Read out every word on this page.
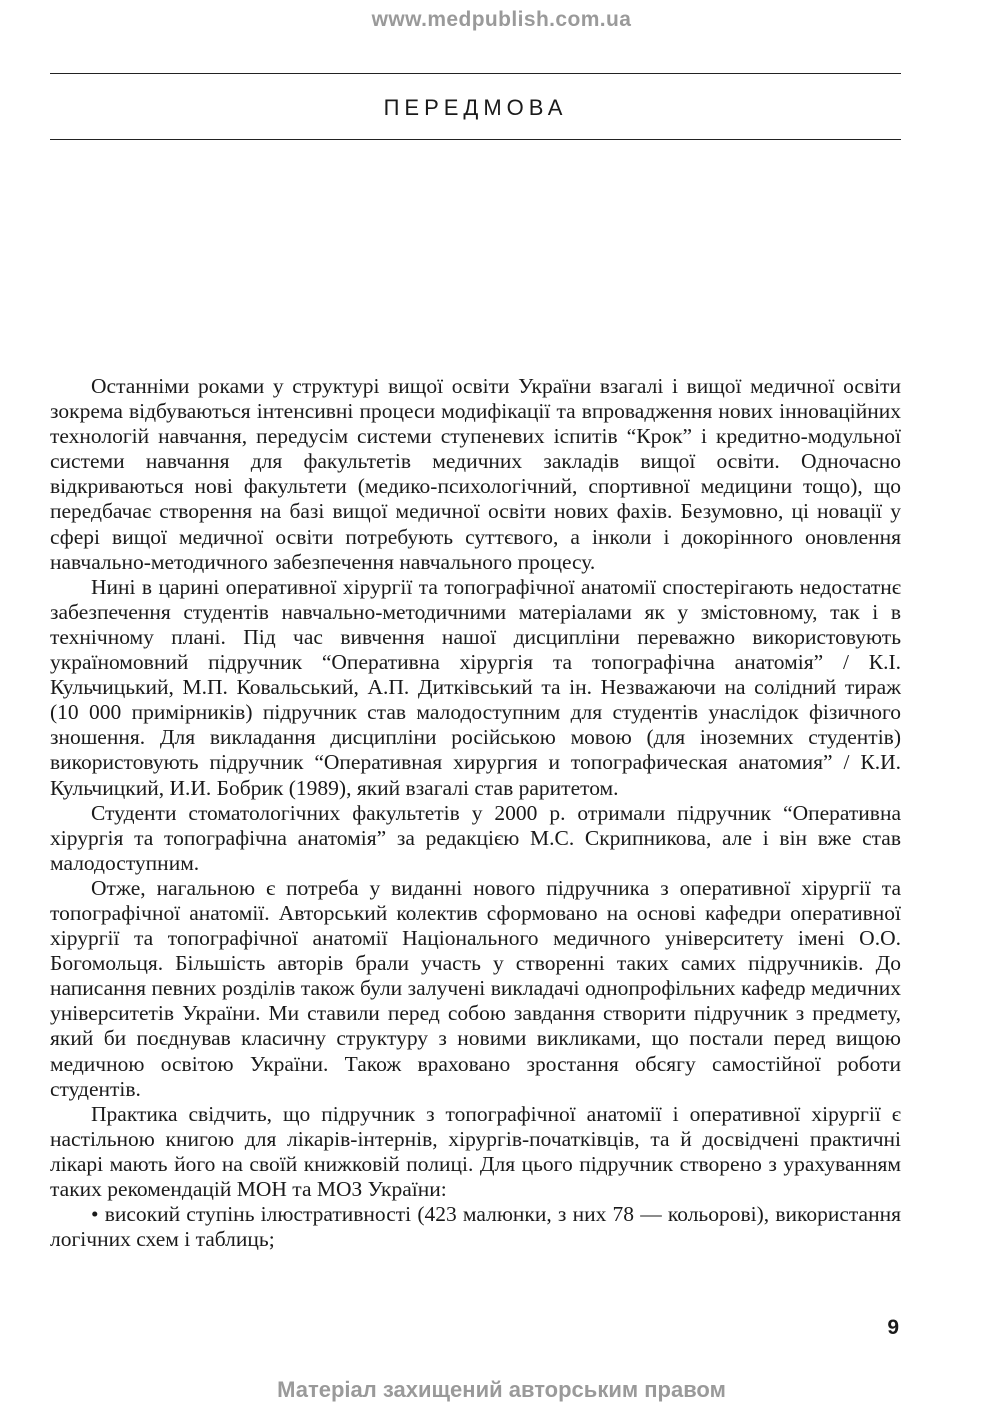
www.medpublish.com.ua
ПЕРЕДМОВА

Останніми роками у структурі вищої освіти України взагалі і вищої медичної освіти зокрема відбуваються інтенсивні процеси модифікації та впровадження нових інноваційних технологій навчання, передусім системи ступеневих іспитів “Крок” і кредитно-модульної системи навчання для факультетів медичних закладів вищої освіти. Одночасно відкриваються нові факультети (медико-психологічний, спортивної медицини тощо), що передбачає створення на базі вищої медичної освіти нових фахів. Безумовно, ці новації у сфері вищої медичної освіти потребують суттєвого, а інколи і докорінного оновлення навчально-методичного забезпечення навчального процесу.

Нині в царині оперативної хірургії та топографічної анатомії спостерігають недостатнє забезпечення студентів навчально-методичними матеріалами як у змістовному, так і в технічному плані. Під час вивчення нашої дисципліни переважно використовують україномовний підручник “Оперативна хірургія та топографічна анатомія” / К.І. Кульчицький, М.П. Ковальський, А.П. Дитківський та ін. Незважаючи на солідний тираж (10 000 примірників) підручник став малодоступним для студентів унаслідок фізичного зношення. Для викладання дисципліни російською мовою (для іноземних студентів) використовують підручник “Оперативная хирургия и топографическая анатомия” / К.И. Кульчицкий, И.И. Бобрик (1989), який взагалі став раритетом.

Студенти стоматологічних факультетів у 2000 р. отримали підручник “Оперативна хірургія та топографічна анатомія” за редакцією М.С. Скрипникова, але і він вже став малодоступним.

Отже, нагальною є потреба у виданні нового підручника з оперативної хірургії та топографічної анатомії. Авторський колектив сформовано на основі кафедри оперативної хірургії та топографічної анатомії Національного медичного університету імені О.О. Богомольця. Більшість авторів брали участь у створенні таких самих підручників. До написання певних розділів також були залучені викладачі однопрофільних кафедр медичних університетів України. Ми ставили перед собою завдання створити підручник з предмету, який би поєднував класичну структуру з новими викликами, що постали перед вищою медичною освітою України. Також враховано зростання обсягу самостійної роботи студентів.

Практика свідчить, що підручник з топографічної анатомії і оперативної хірургії є настільною книгою для лікарів-інтернів, хірургів-початківців, та й досвідчені практичні лікарі мають його на своїй книжковій полиці. Для цього підручник створено з урахуванням таких рекомендацій МОН та МОЗ України:

• високий ступінь ілюстративності (423 малюнки, з них 78 — кольорові), використання логічних схем і таблиць;

9
Матеріал захищений авторським правом
